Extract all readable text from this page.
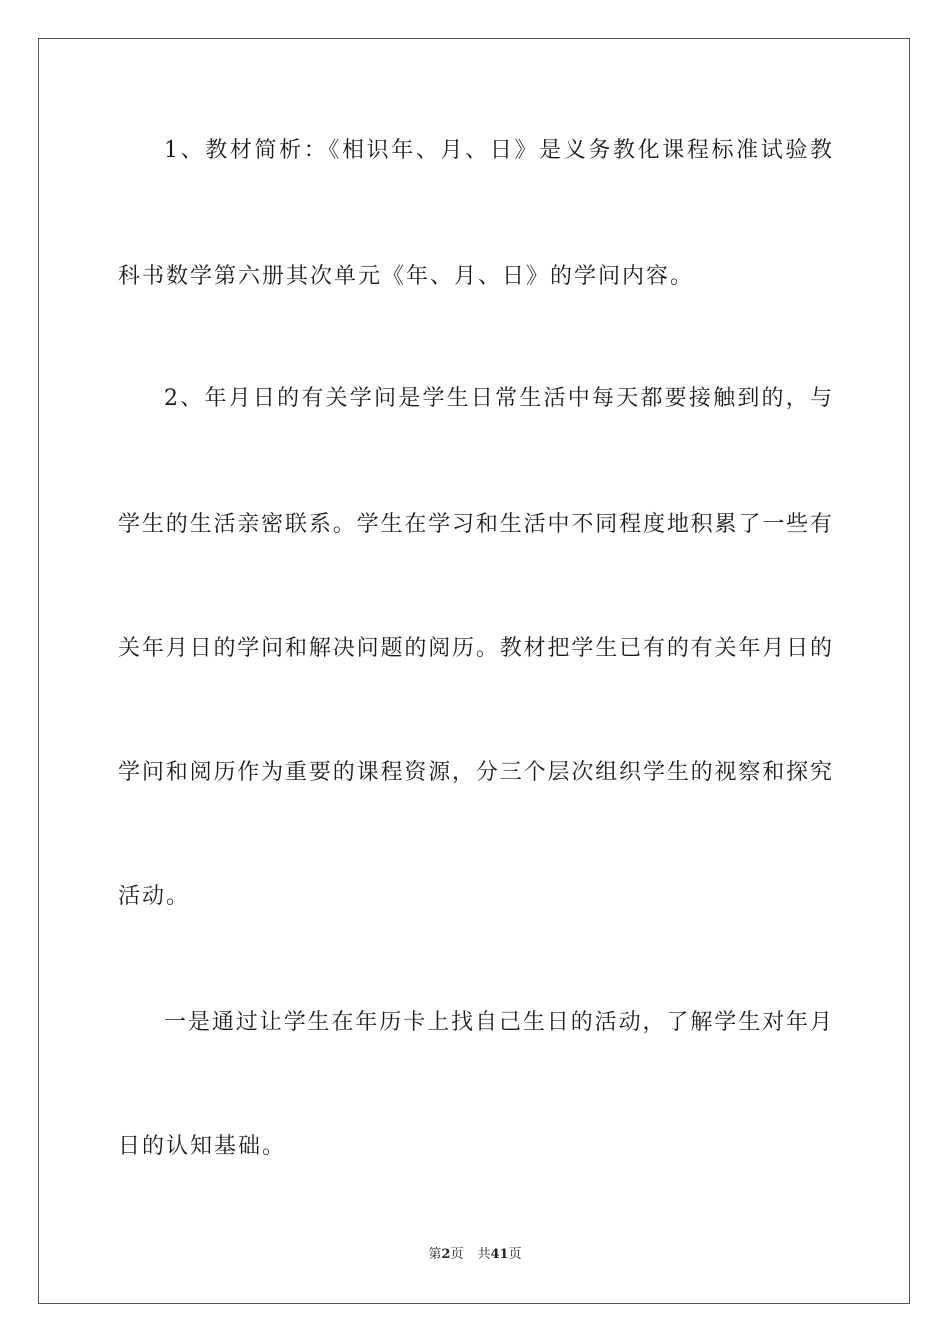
1、教材简析：《相识年、月、日》是义务教化课程标准试验教
科书数学第六册其次单元《年、月、日》的学问内容。
2、年月日的有关学问是学生日常生活中每天都要接触到的，与
学生的生活亲密联系。学生在学习和生活中不同程度地积累了一些有
关年月日的学问和解决问题的阅历。教材把学生已有的有关年月日的
学问和阅历作为重要的课程资源，分三个层次组织学生的视察和探究
活动。
一是通过让学生在年历卡上找自己生日的活动，了解学生对年月
日的认知基础。
第2页 共41页
